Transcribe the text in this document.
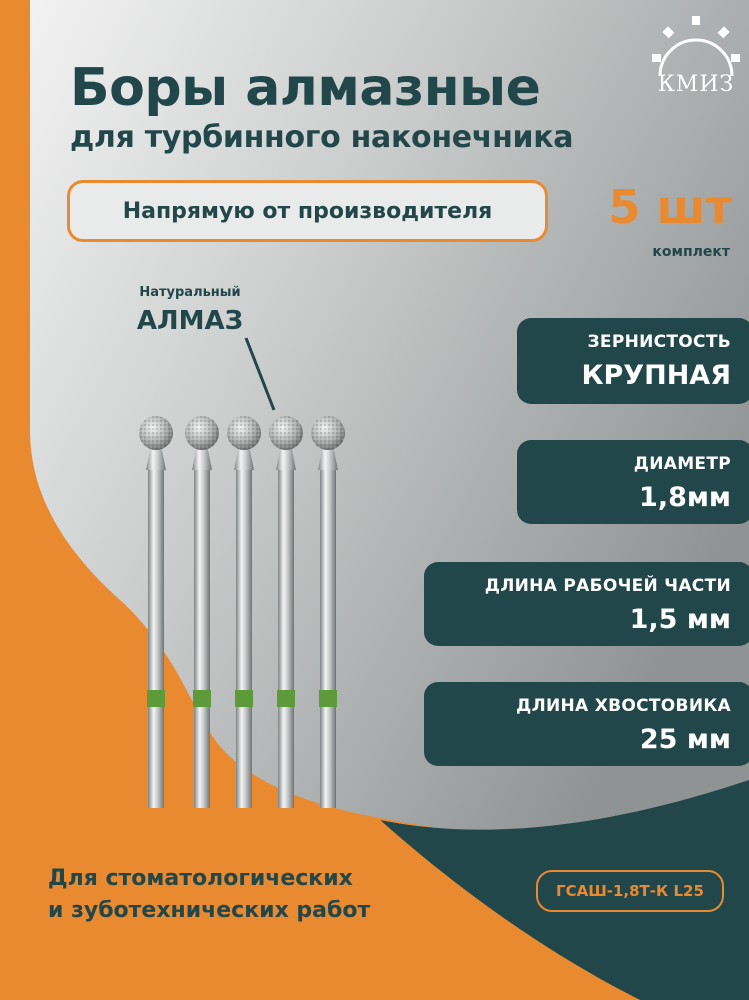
КМИЗ
Боры алмазные
для турбинного наконечника
Напрямую от производителя	5 шт
комплект
Натуральный
АЛМАЗ
ЗЕРНИСТОСТЬ
КРУПНАЯ
ДИАМЕТР
1,8мм
ДЛИНА РАБОЧЕЙ ЧАСТИ
1,5 мм
ДЛИНА ХВОСТОВИКА
25 мм

Для стоматологических

и зуботехнических работ

ГСАШ-1,8Т-К L25
